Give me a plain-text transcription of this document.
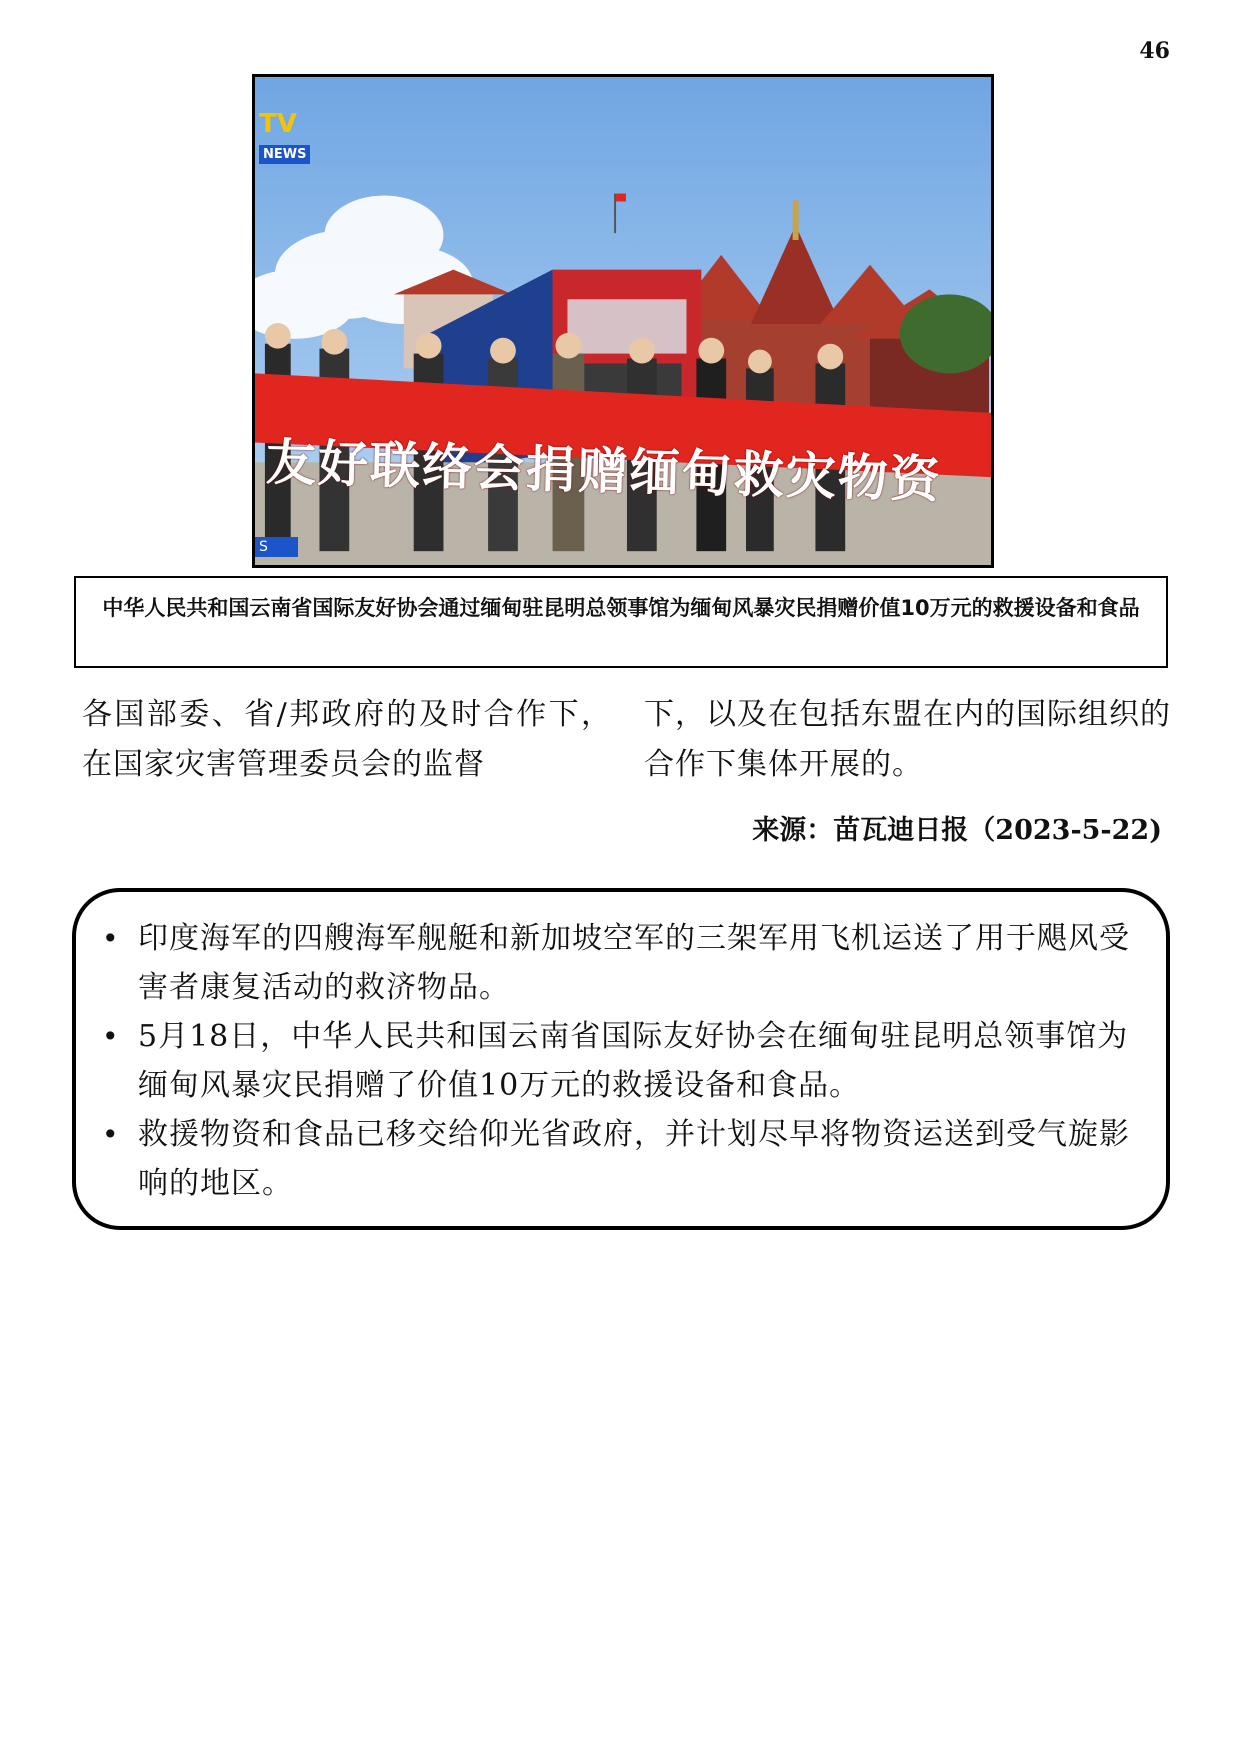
46
友好联络会捐赠缅甸救灾物资
TV
NEWS
S
中华人民共和国云南省国际友好协会通过缅甸驻昆明总领事馆为缅甸风暴灾民捐赠价值10万元的救援设备和食品

各国部委、省/邦政府的及时合作下，在国家灾害管理委员会的监督

下，以及在包括东盟在内的国际组织的合作下集体开展的。

来源：苗瓦迪日报（2023-5-22)
• 印度海军的四艘海军舰艇和新加坡空军的三架军用飞机运送了用于飓风受害者康复活动的救济物品。
• 5月18日，中华人民共和国云南省国际友好协会在缅甸驻昆明总领事馆为缅甸风暴灾民捐赠了价值10万元的救援设备和食品。
• 救援物资和食品已移交给仰光省政府，并计划尽早将物资运送到受气旋影响的地区。
